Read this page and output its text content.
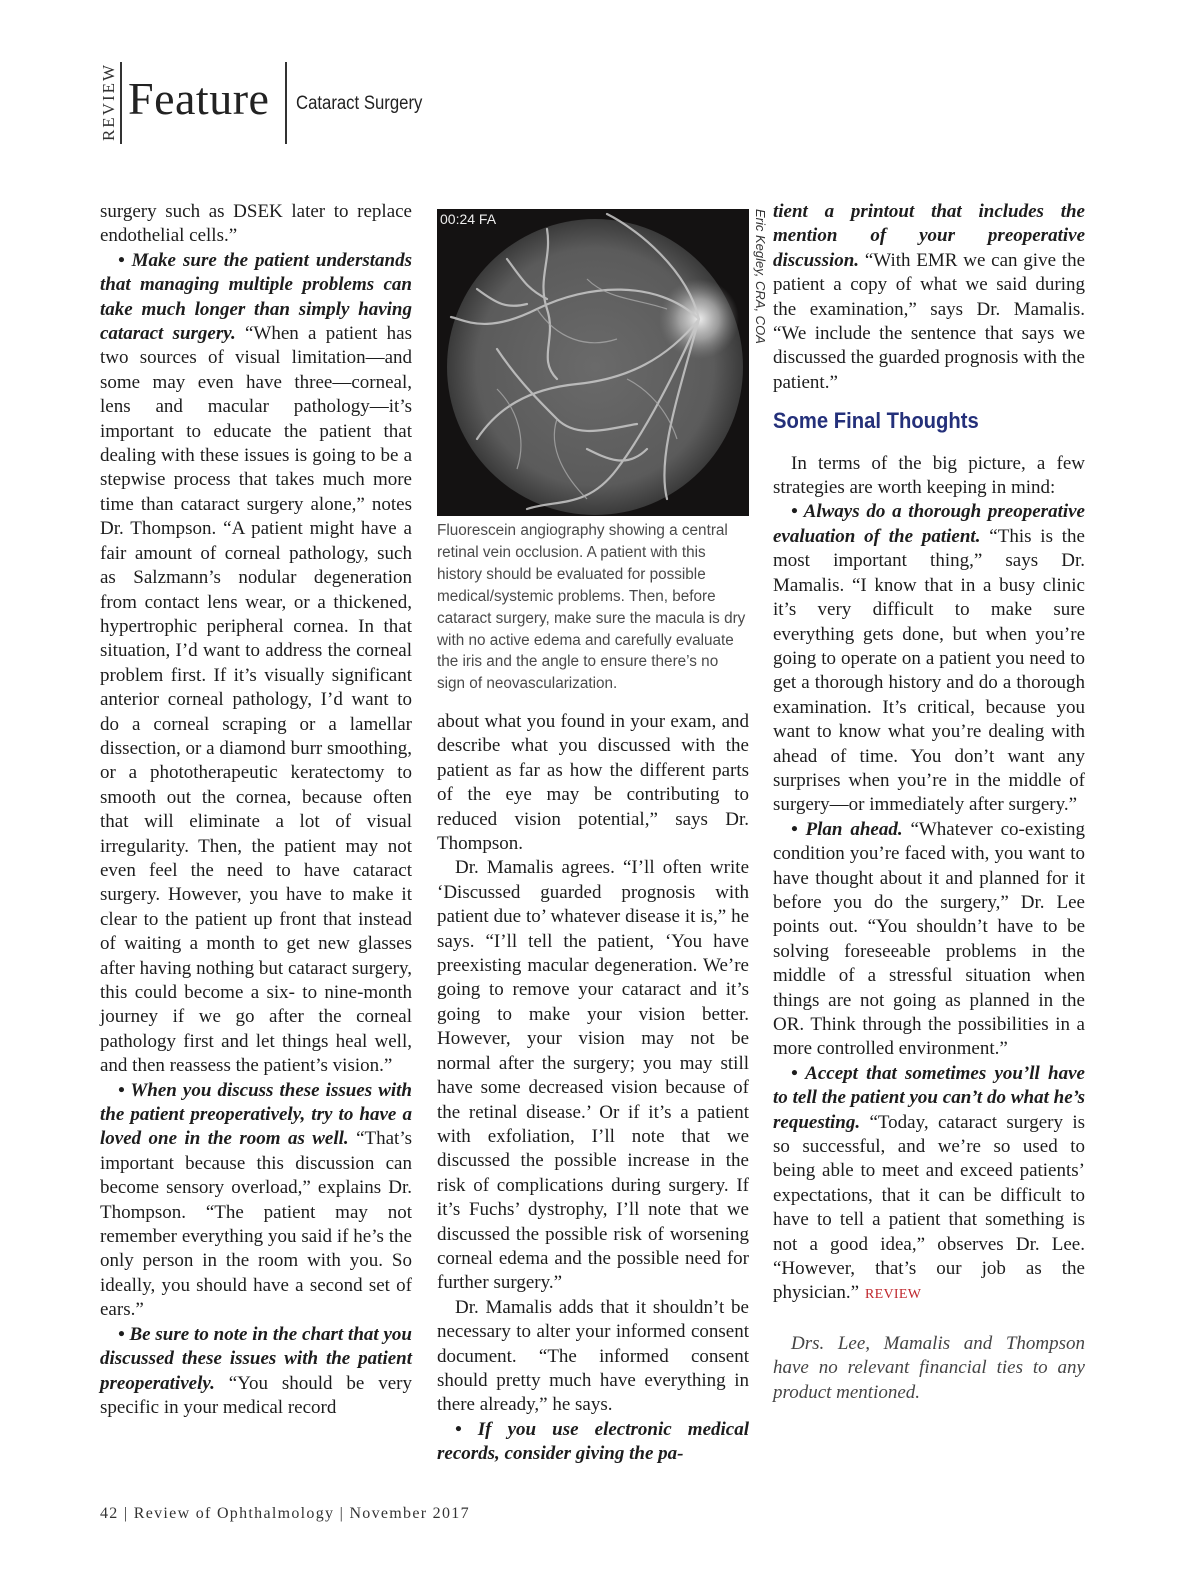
REVIEW Feature Cataract Surgery

surgery such as DSEK later to replace endothelial cells.”

• Make sure the patient understands that managing multiple problems can take much longer than simply having cataract surgery. “When a patient has two sources of visual limitation—and some may even have three—corneal, lens and macular pathology—it’s important to educate the patient that dealing with these issues is going to be a stepwise process that takes much more time than cataract surgery alone,” notes Dr. Thompson. “A patient might have a fair amount of corneal pathology, such as Salzmann’s nodular degeneration from contact lens wear, or a thickened, hypertrophic peripheral cornea. In that situation, I’d want to address the corneal problem first. If it’s visually significant anterior corneal pathology, I’d want to do a corneal scraping or a lamellar dissection, or a diamond burr smoothing, or a phototherapeutic keratectomy to smooth out the cornea, because often that will eliminate a lot of visual irregularity. Then, the patient may not even feel the need to have cataract surgery. However, you have to make it clear to the patient up front that instead of waiting a month to get new glasses after having nothing but cataract surgery, this could become a six- to nine-month journey if we go after the corneal pathology first and let things heal well, and then reassess the patient’s vision.”

• When you discuss these issues with the patient preoperatively, try to have a loved one in the room as well. “That’s important because this discussion can become sensory overload,” explains Dr. Thompson. “The patient may not remember everything you said if he’s the only person in the room with you. So ideally, you should have a second set of ears.”

• Be sure to note in the chart that you discussed these issues with the patient preoperatively. “You should be very specific in your medical record

00:24 FA	Eric Kegley, CRA, COA
Fluorescein angiography showing a central retinal vein occlusion. A patient with this history should be evaluated for possible medical/systemic problems. Then, before cataract surgery, make sure the macula is dry with no active edema and carefully evaluate the iris and the angle to ensure there’s no sign of neovascularization.

about what you found in your exam, and describe what you discussed with the patient as far as how the different parts of the eye may be contributing to reduced vision potential,” says Dr. Thompson.

Dr. Mamalis agrees. “I’ll often write ‘Discussed guarded prognosis with patient due to’ whatever disease it is,” he says. “I’ll tell the patient, ‘You have preexisting macular degeneration. We’re going to remove your cataract and it’s going to make your vision better. However, your vision may not be normal after the surgery; you may still have some decreased vision because of the retinal disease.’ Or if it’s a patient with exfoliation, I’ll note that we discussed the possible increase in the risk of complications during surgery. If it’s Fuchs’ dystrophy, I’ll note that we discussed the possible risk of worsening corneal edema and the possible need for further surgery.”

Dr. Mamalis adds that it shouldn’t be necessary to alter your informed consent document. “The informed consent should pretty much have everything in there already,” he says.

• If you use electronic medical records, consider giving the pa-

tient a printout that includes the mention of your preoperative discussion. “With EMR we can give the patient a copy of what we said during the examination,” says Dr. Mamalis. “We include the sentence that says we discussed the guarded prognosis with the patient.”

Some Final Thoughts

In terms of the big picture, a few strategies are worth keeping in mind:

• Always do a thorough preoperative evaluation of the patient. “This is the most important thing,” says Dr. Mamalis. “I know that in a busy clinic it’s very difficult to make sure everything gets done, but when you’re going to operate on a patient you need to get a thorough history and do a thorough examination. It’s critical, because you want to know what you’re dealing with ahead of time. You don’t want any surprises when you’re in the middle of surgery—or immediately after surgery.”

• Plan ahead. “Whatever co-existing condition you’re faced with, you want to have thought about it and planned for it before you do the surgery,” Dr. Lee points out. “You shouldn’t have to be solving foreseeable problems in the middle of a stressful situation when things are not going as planned in the OR. Think through the possibilities in a more controlled environment.”

• Accept that sometimes you’ll have to tell the patient you can’t do what he’s requesting. “Today, cataract surgery is so successful, and we’re so used to being able to meet and exceed patients’ expectations, that it can be difficult to have to tell a patient that something is not a good idea,” observes Dr. Lee. “However, that’s our job as the physician.” REVIEW

Drs. Lee, Mamalis and Thompson have no relevant financial ties to any product mentioned.

42 | Review of Ophthalmology | November 2017
